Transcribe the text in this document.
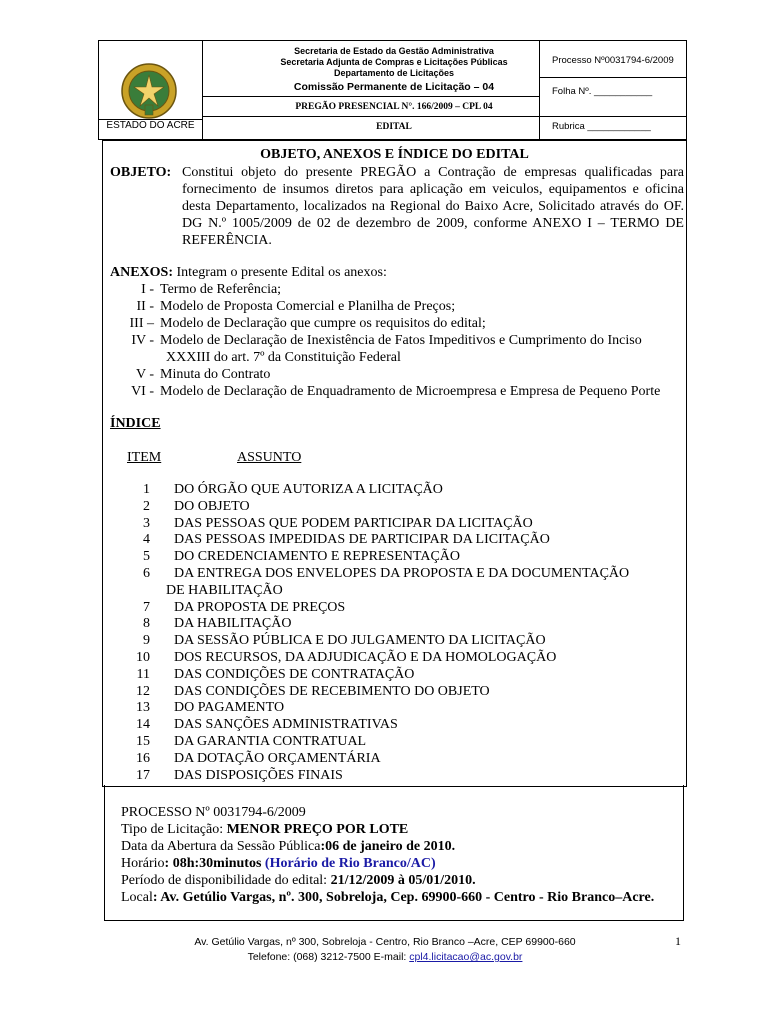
ESTADO DO ACRE
Secretaria de Estado da Gestão Administrativa
Secretaria Adjunta de Compras e Licitações Públicas
Departamento de Licitações
Comissão Permanente de Licitação – 04
PREGÃO PRESENCIAL N°. 166/2009 – CPL 04
EDITAL
Processo Nº0031794-6/2009
Folha Nº. ___________
Rubrica ____________
OBJETO, ANEXOS E ÍNDICE DO EDITAL
OBJETO: Constitui objeto do presente PREGÃO a Contração de empresas qualificadas para fornecimento de insumos diretos para aplicação em veiculos, equipamentos e oficina desta Departamento, localizados na Regional do Baixo Acre, Solicitado através do OF. DG N.º 1005/2009 de 02 de dezembro de 2009, conforme ANEXO I – TERMO DE REFERÊNCIA.
ANEXOS: Integram o presente Edital os anexos:
I - Termo de Referência;
II - Modelo de Proposta Comercial e Planilha de Preços;
III – Modelo de Declaração que cumpre os requisitos do edital;
IV - Modelo de Declaração de Inexistência de Fatos Impeditivos e Cumprimento do Inciso
XXXIII do art. 7º da Constituição Federal
V - Minuta do Contrato
VI - Modelo de Declaração de Enquadramento de Microempresa e Empresa de Pequeno Porte
ÍNDICE
ITEM	ASSUNTO
1 DO ÓRGÃO QUE AUTORIZA A LICITAÇÃO
2 DO OBJETO
3 DAS PESSOAS QUE PODEM PARTICIPAR DA LICITAÇÃO
4 DAS PESSOAS IMPEDIDAS DE PARTICIPAR DA LICITAÇÃO
5 DO CREDENCIAMENTO E REPRESENTAÇÃO
6 DA ENTREGA DOS ENVELOPES DA PROPOSTA E DA DOCUMENTAÇÃO
DE HABILITAÇÃO
7 DA PROPOSTA DE PREÇOS
8 DA HABILITAÇÃO
9 DA SESSÃO PÚBLICA E DO JULGAMENTO DA LICITAÇÃO
10 DOS RECURSOS, DA ADJUDICAÇÃO E DA HOMOLOGAÇÃO
11 DAS CONDIÇÕES DE CONTRATAÇÃO
12 DAS CONDIÇÕES DE RECEBIMENTO DO OBJETO
13 DO PAGAMENTO
14 DAS SANÇÕES ADMINISTRATIVAS
15 DA GARANTIA CONTRATUAL
16 DA DOTAÇÃO ORÇAMENTÁRIA
17 DAS DISPOSIÇÕES FINAIS
PROCESSO Nº 0031794-6/2009
Tipo de Licitação: MENOR PREÇO POR LOTE
Data da Abertura da Sessão Pública:06 de janeiro de 2010.
Horário: 08h:30minutos (Horário de Rio Branco/AC)
Período de disponibilidade do edital: 21/12/2009 à 05/01/2010.
Local: Av. Getúlio Vargas, nº. 300, Sobreloja, Cep. 69900-660 - Centro - Rio Branco–Acre.
Av. Getúlio Vargas, nº 300, Sobreloja - Centro, Rio Branco –Acre, CEP 69900-660
Telefone: (068) 3212-7500 E-mail: cpl4.licitacao@ac.gov.br
1
